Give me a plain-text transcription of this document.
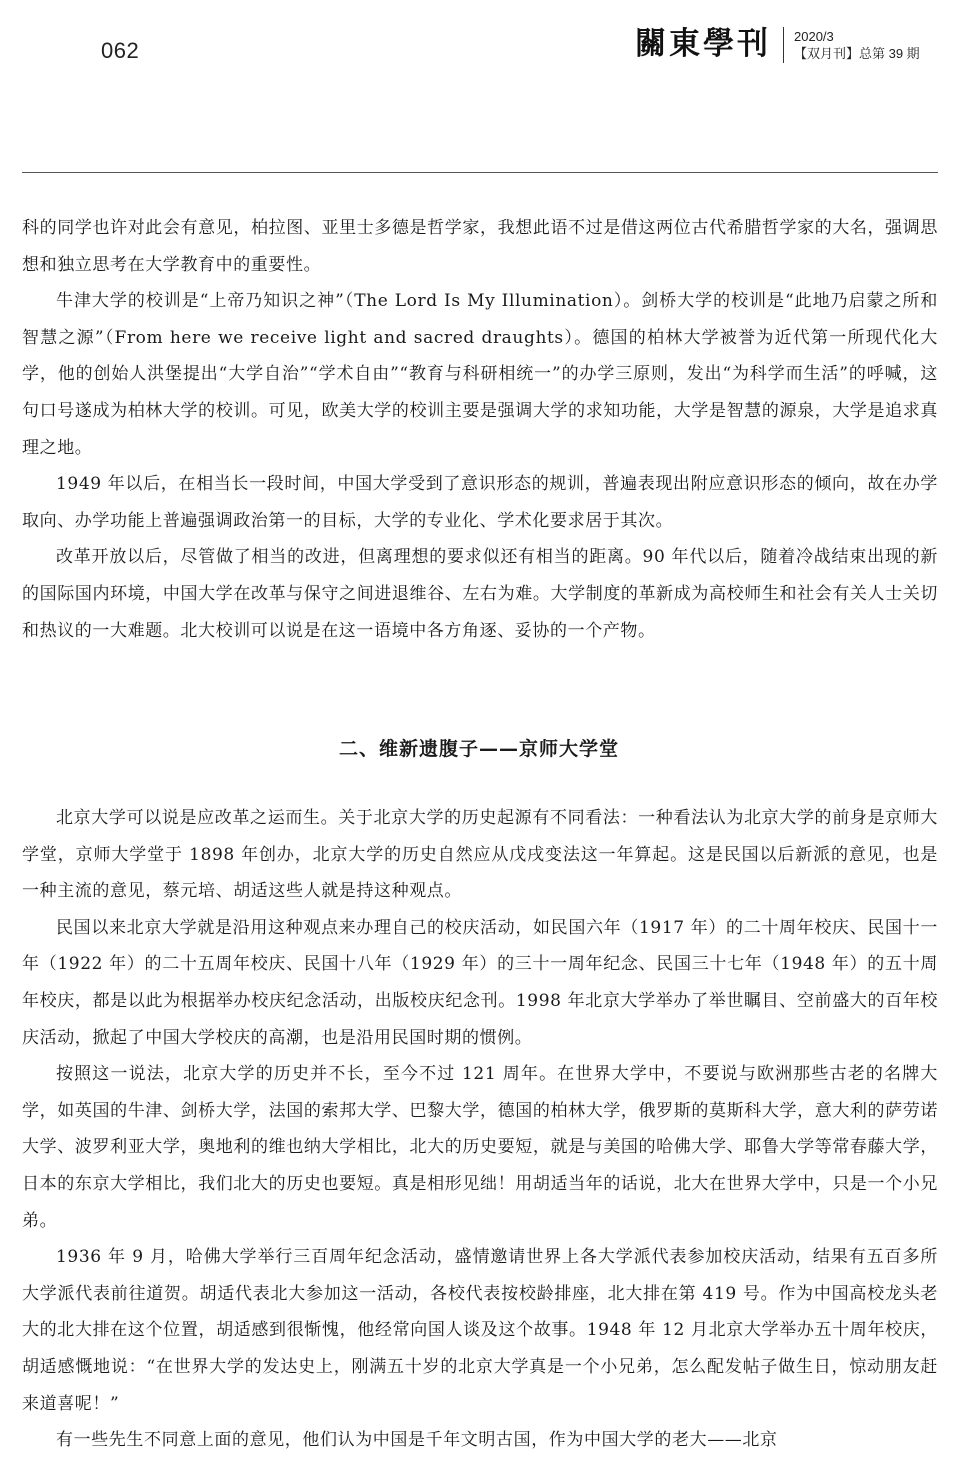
062	關東學刊 2020/3
【双月刊】总第 39 期

科的同学也许对此会有意见，柏拉图、亚里士多德是哲学家，我想此语不过是借这两位古代希腊哲学家的大名，强调思想和独立思考在大学教育中的重要性。

牛津大学的校训是“上帝乃知识之神”（The Lord Is My Illumination）。剑桥大学的校训是“此地乃启蒙之所和智慧之源”（From here we receive light and sacred draughts）。德国的柏林大学被誉为近代第一所现代化大学，他的创始人洪堡提出“大学自治”“学术自由”“教育与科研相统一”的办学三原则，发出“为科学而生活”的呼喊，这句口号遂成为柏林大学的校训。可见，欧美大学的校训主要是强调大学的求知功能，大学是智慧的源泉，大学是追求真理之地。

1949 年以后，在相当长一段时间，中国大学受到了意识形态的规训，普遍表现出附应意识形态的倾向，故在办学取向、办学功能上普遍强调政治第一的目标，大学的专业化、学术化要求居于其次。

改革开放以后，尽管做了相当的改进，但离理想的要求似还有相当的距离。90 年代以后，随着冷战结束出现的新的国际国内环境，中国大学在改革与保守之间进退维谷、左右为难。大学制度的革新成为高校师生和社会有关人士关切和热议的一大难题。北大校训可以说是在这一语境中各方角逐、妥协的一个产物。

二、维新遗腹子——京师大学堂

北京大学可以说是应改革之运而生。关于北京大学的历史起源有不同看法：一种看法认为北京大学的前身是京师大学堂，京师大学堂于 1898 年创办，北京大学的历史自然应从戊戌变法这一年算起。这是民国以后新派的意见，也是一种主流的意见，蔡元培、胡适这些人就是持这种观点。

民国以来北京大学就是沿用这种观点来办理自己的校庆活动，如民国六年（1917 年）的二十周年校庆、民国十一年（1922 年）的二十五周年校庆、民国十八年（1929 年）的三十一周年纪念、民国三十七年（1948 年）的五十周年校庆，都是以此为根据举办校庆纪念活动，出版校庆纪念刊。1998 年北京大学举办了举世瞩目、空前盛大的百年校庆活动，掀起了中国大学校庆的高潮，也是沿用民国时期的惯例。

按照这一说法，北京大学的历史并不长，至今不过 121 周年。在世界大学中，不要说与欧洲那些古老的名牌大学，如英国的牛津、剑桥大学，法国的索邦大学、巴黎大学，德国的柏林大学，俄罗斯的莫斯科大学，意大利的萨劳诺大学、波罗利亚大学，奥地利的维也纳大学相比，北大的历史要短，就是与美国的哈佛大学、耶鲁大学等常春藤大学，日本的东京大学相比，我们北大的历史也要短。真是相形见绌！用胡适当年的话说，北大在世界大学中，只是一个小兄弟。

1936 年 9 月，哈佛大学举行三百周年纪念活动，盛情邀请世界上各大学派代表参加校庆活动，结果有五百多所大学派代表前往道贺。胡适代表北大参加这一活动，各校代表按校龄排座，北大排在第 419 号。作为中国高校龙头老大的北大排在这个位置，胡适感到很惭愧，他经常向国人谈及这个故事。1948 年 12 月北京大学举办五十周年校庆，胡适感慨地说：“在世界大学的发达史上，刚满五十岁的北京大学真是一个小兄弟，怎么配发帖子做生日，惊动朋友赶来道喜呢！”

有一些先生不同意上面的意见，他们认为中国是千年文明古国，作为中国大学的老大——北京
